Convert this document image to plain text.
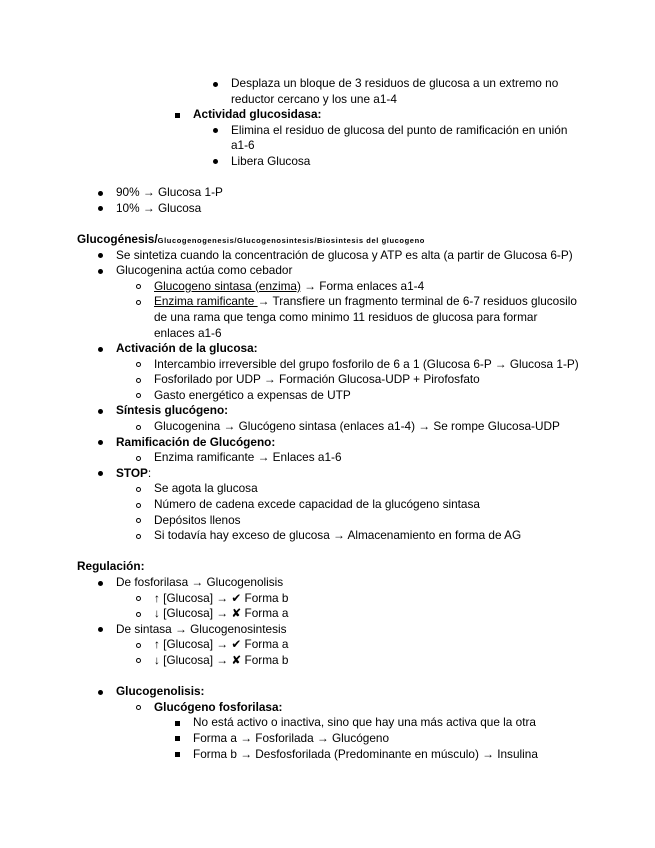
Desplaza un bloque de 3 residuos de glucosa a un extremo no
reductor cercano y los une a1-4
Actividad glucosidasa:
Elimina el residuo de glucosa del punto de ramificación en unión
a1-6
Libera Glucosa
90% → Glucosa 1-P
10% → Glucosa
Glucogénesis/Glucogenogenesis/Glucogenosintesis/Biosintesis del glucogeno
Se sintetiza cuando la concentración de glucosa y ATP es alta (a partir de Glucosa 6-P)
Glucogenina actúa como cebador
Glucogeno sintasa (enzima) → Forma enlaces a1-4
Enzima ramificante → Transfiere un fragmento terminal de 6-7 residuos glucosilo
de una rama que tenga como minimo 11 residuos de glucosa para formar
enlaces a1-6
Activación de la glucosa:
Intercambio irreversible del grupo fosforilo de 6 a 1 (Glucosa 6-P → Glucosa 1-P)
Fosforilado por UDP → Formación Glucosa-UDP + Pirofosfato
Gasto energético a expensas de UTP
Síntesis glucógeno:
Glucogenina → Glucógeno sintasa (enlaces a1-4) → Se rompe Glucosa-UDP
Ramificación de Glucógeno:
Enzima ramificante → Enlaces a1-6
STOP:
Se agota la glucosa
Número de cadena excede capacidad de la glucógeno sintasa
Depósitos llenos
Si todavía hay exceso de glucosa → Almacenamiento en forma de AG
Regulación:
De fosforilasa → Glucogenolisis
↑ [Glucosa] → ✔ Forma b
↓ [Glucosa] → ✘ Forma a
De sintasa → Glucogenosintesis
↑ [Glucosa] → ✔ Forma a
↓ [Glucosa] → ✘ Forma b
Glucogenolisis:
Glucógeno fosforilasa:
No está activo o inactiva, sino que hay una más activa que la otra
Forma a → Fosforilada → Glucógeno
Forma b → Desfosforilada (Predominante en músculo) → Insulina
